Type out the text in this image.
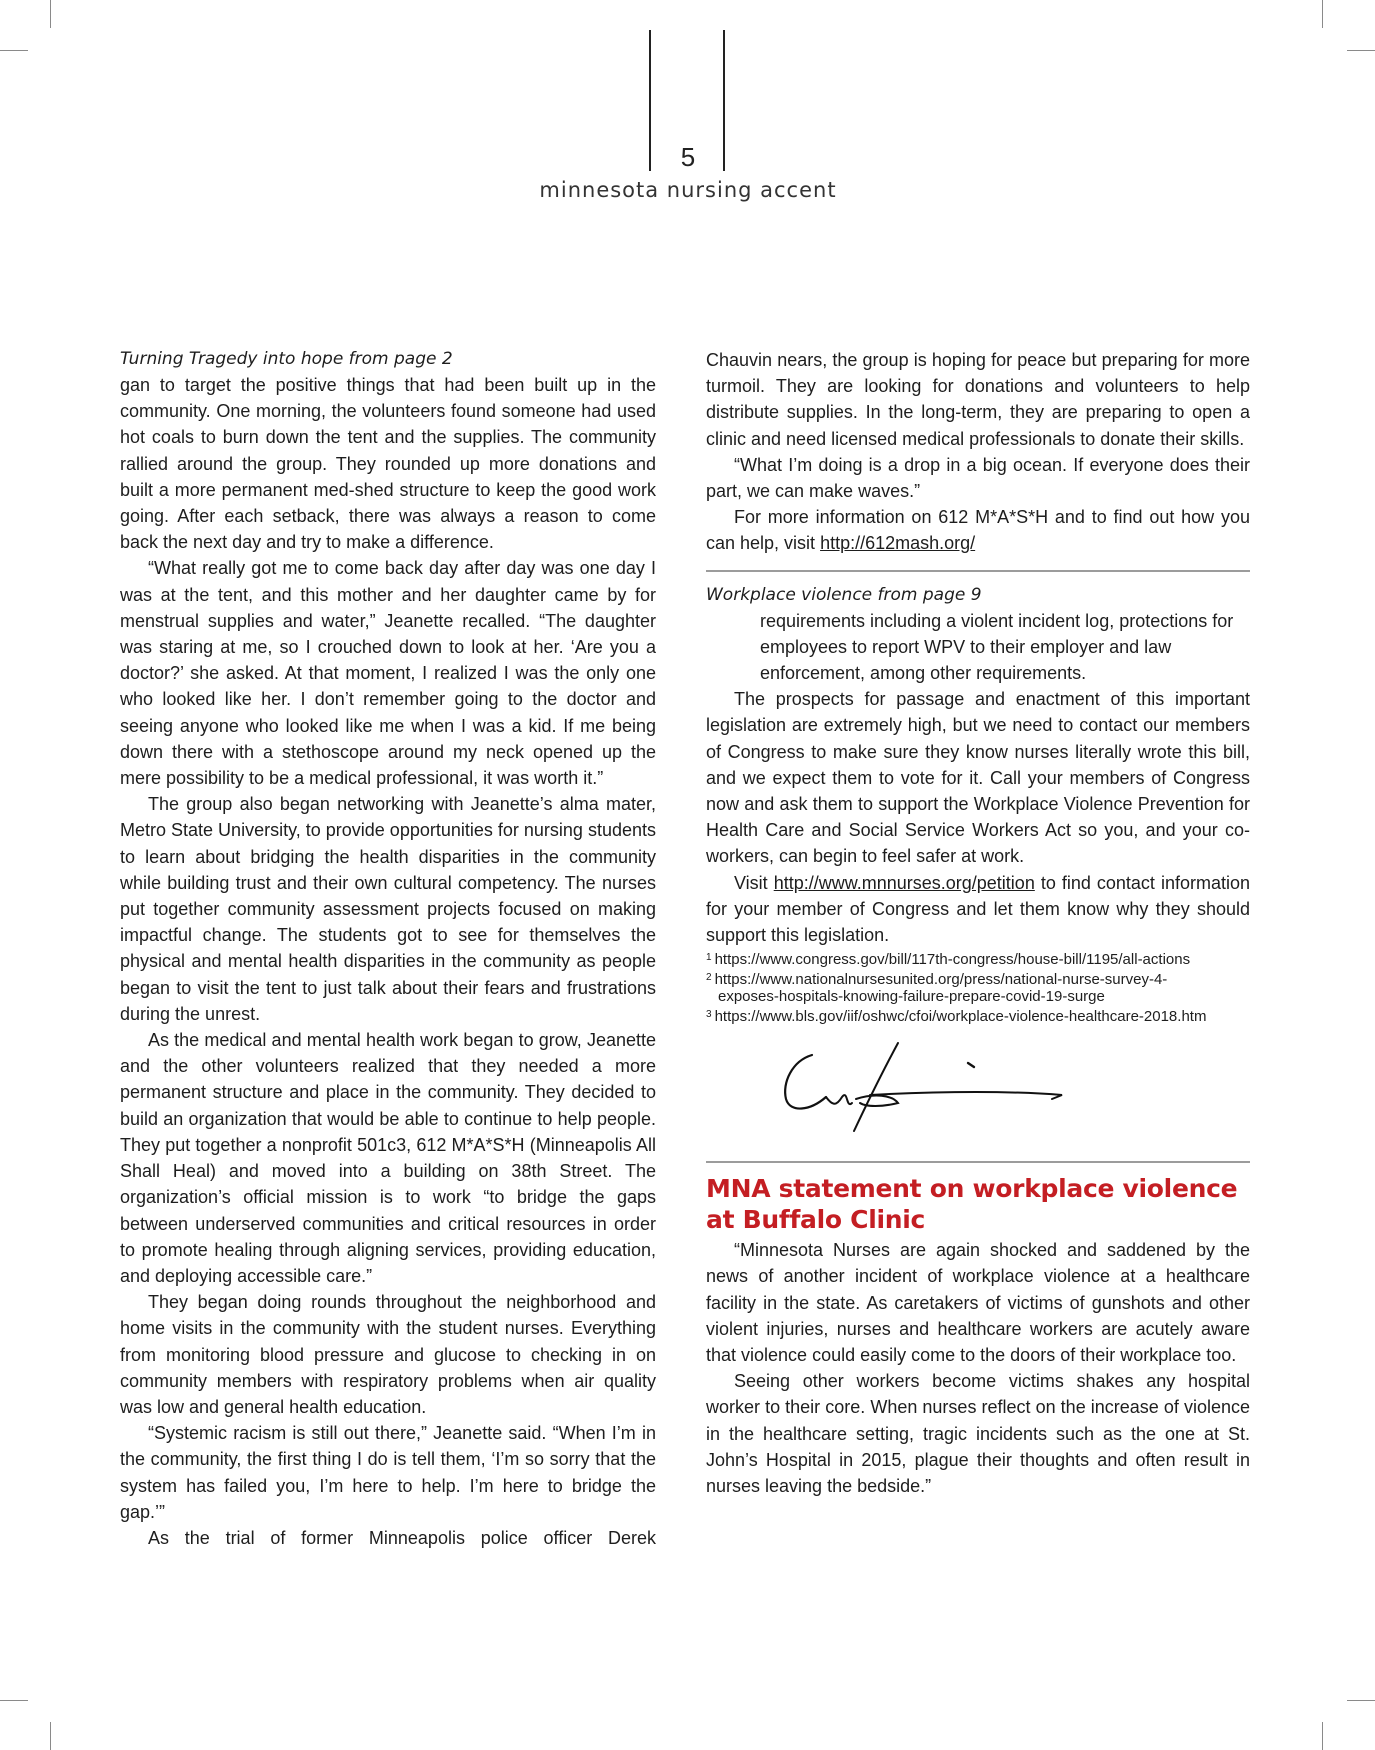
5
minnesota nursing accent
Turning Tragedy into hope from page 2

gan to target the positive things that had been built up in the community. One morning, the volunteers found someone had used hot coals to burn down the tent and the supplies. The community rallied around the group. They rounded up more donations and built a more permanent med-shed structure to keep the good work going. After each setback, there was always a reason to come back the next day and try to make a difference.

“What really got me to come back day after day was one day I was at the tent, and this mother and her daughter came by for menstrual supplies and water,” Jeanette recalled. “The daughter was staring at me, so I crouched down to look at her. ‘Are you a doctor?’ she asked. At that moment, I realized I was the only one who looked like her. I don’t remember going to the doctor and seeing anyone who looked like me when I was a kid. If me being down there with a stethoscope around my neck opened up the mere possibility to be a medical professional, it was worth it.”

The group also began networking with Jeanette’s alma mater, Metro State University, to provide opportunities for nursing students to learn about bridging the health disparities in the community while building trust and their own cultural competency. The nurses put together community assessment projects focused on making impactful change. The students got to see for themselves the physical and mental health disparities in the community as people began to visit the tent to just talk about their fears and frustrations during the unrest.

As the medical and mental health work began to grow, Jeanette and the other volunteers realized that they needed a more permanent structure and place in the community. They decided to build an organization that would be able to continue to help people. They put together a nonprofit 501c3, 612 M*A*S*H (Minneapolis All Shall Heal) and moved into a building on 38th Street. The organization’s official mission is to work “to bridge the gaps between underserved communities and critical resources in order to promote healing through aligning services, providing education, and deploying accessible care.”

They began doing rounds throughout the neighborhood and home visits in the community with the student nurses. Everything from monitoring blood pressure and glucose to checking in on community members with respiratory problems when air quality was low and general health education.

“Systemic racism is still out there,” Jeanette said. “When I’m in the community, the first thing I do is tell them, ‘I’m so sorry that the system has failed you, I’m here to help. I’m here to bridge the gap.’”

As the trial of former Minneapolis police officer Derek

Chauvin nears, the group is hoping for peace but preparing for more turmoil. They are looking for donations and volunteers to help distribute supplies. In the long-term, they are preparing to open a clinic and need licensed medical professionals to donate their skills.

“What I’m doing is a drop in a big ocean. If everyone does their part, we can make waves.”

For more information on 612 M*A*S*H and to find out how you can help, visit http://612mash.org/

Workplace violence from page 9

requirements including a violent incident log, protections for employees to report WPV to their employer and law enforcement, among other requirements.

The prospects for passage and enactment of this important legislation are extremely high, but we need to contact our members of Congress to make sure they know nurses literally wrote this bill, and we expect them to vote for it. Call your members of Congress now and ask them to support the Workplace Violence Prevention for Health Care and Social Service Workers Act so you, and your co-workers, can begin to feel safer at work.

Visit http://www.mnnurses.org/petition to find contact information for your member of Congress and let them know why they should support this legislation.

$^1$ https://www.congress.gov/bill/117th-congress/house-bill/1195/all-actions
$^2$ https://www.nationalnursesunited.org/press/national-nurse-survey-4-
exposes-hospitals-knowing-failure-prepare-covid-19-surge
$^3$ https://www.bls.gov/iif/oshwc/cfoi/workplace-violence-healthcare-2018.htm
MNA statement on workplace violence at Buffalo Clinic

“Minnesota Nurses are again shocked and saddened by the news of another incident of workplace violence at a healthcare facility in the state. As caretakers of victims of gunshots and other violent injuries, nurses and healthcare workers are acutely aware that violence could easily come to the doors of their workplace too.

Seeing other workers become victims shakes any hospital worker to their core. When nurses reflect on the increase of violence in the healthcare setting, tragic incidents such as the one at St. John’s Hospital in 2015, plague their thoughts and often result in nurses leaving the bedside.”
